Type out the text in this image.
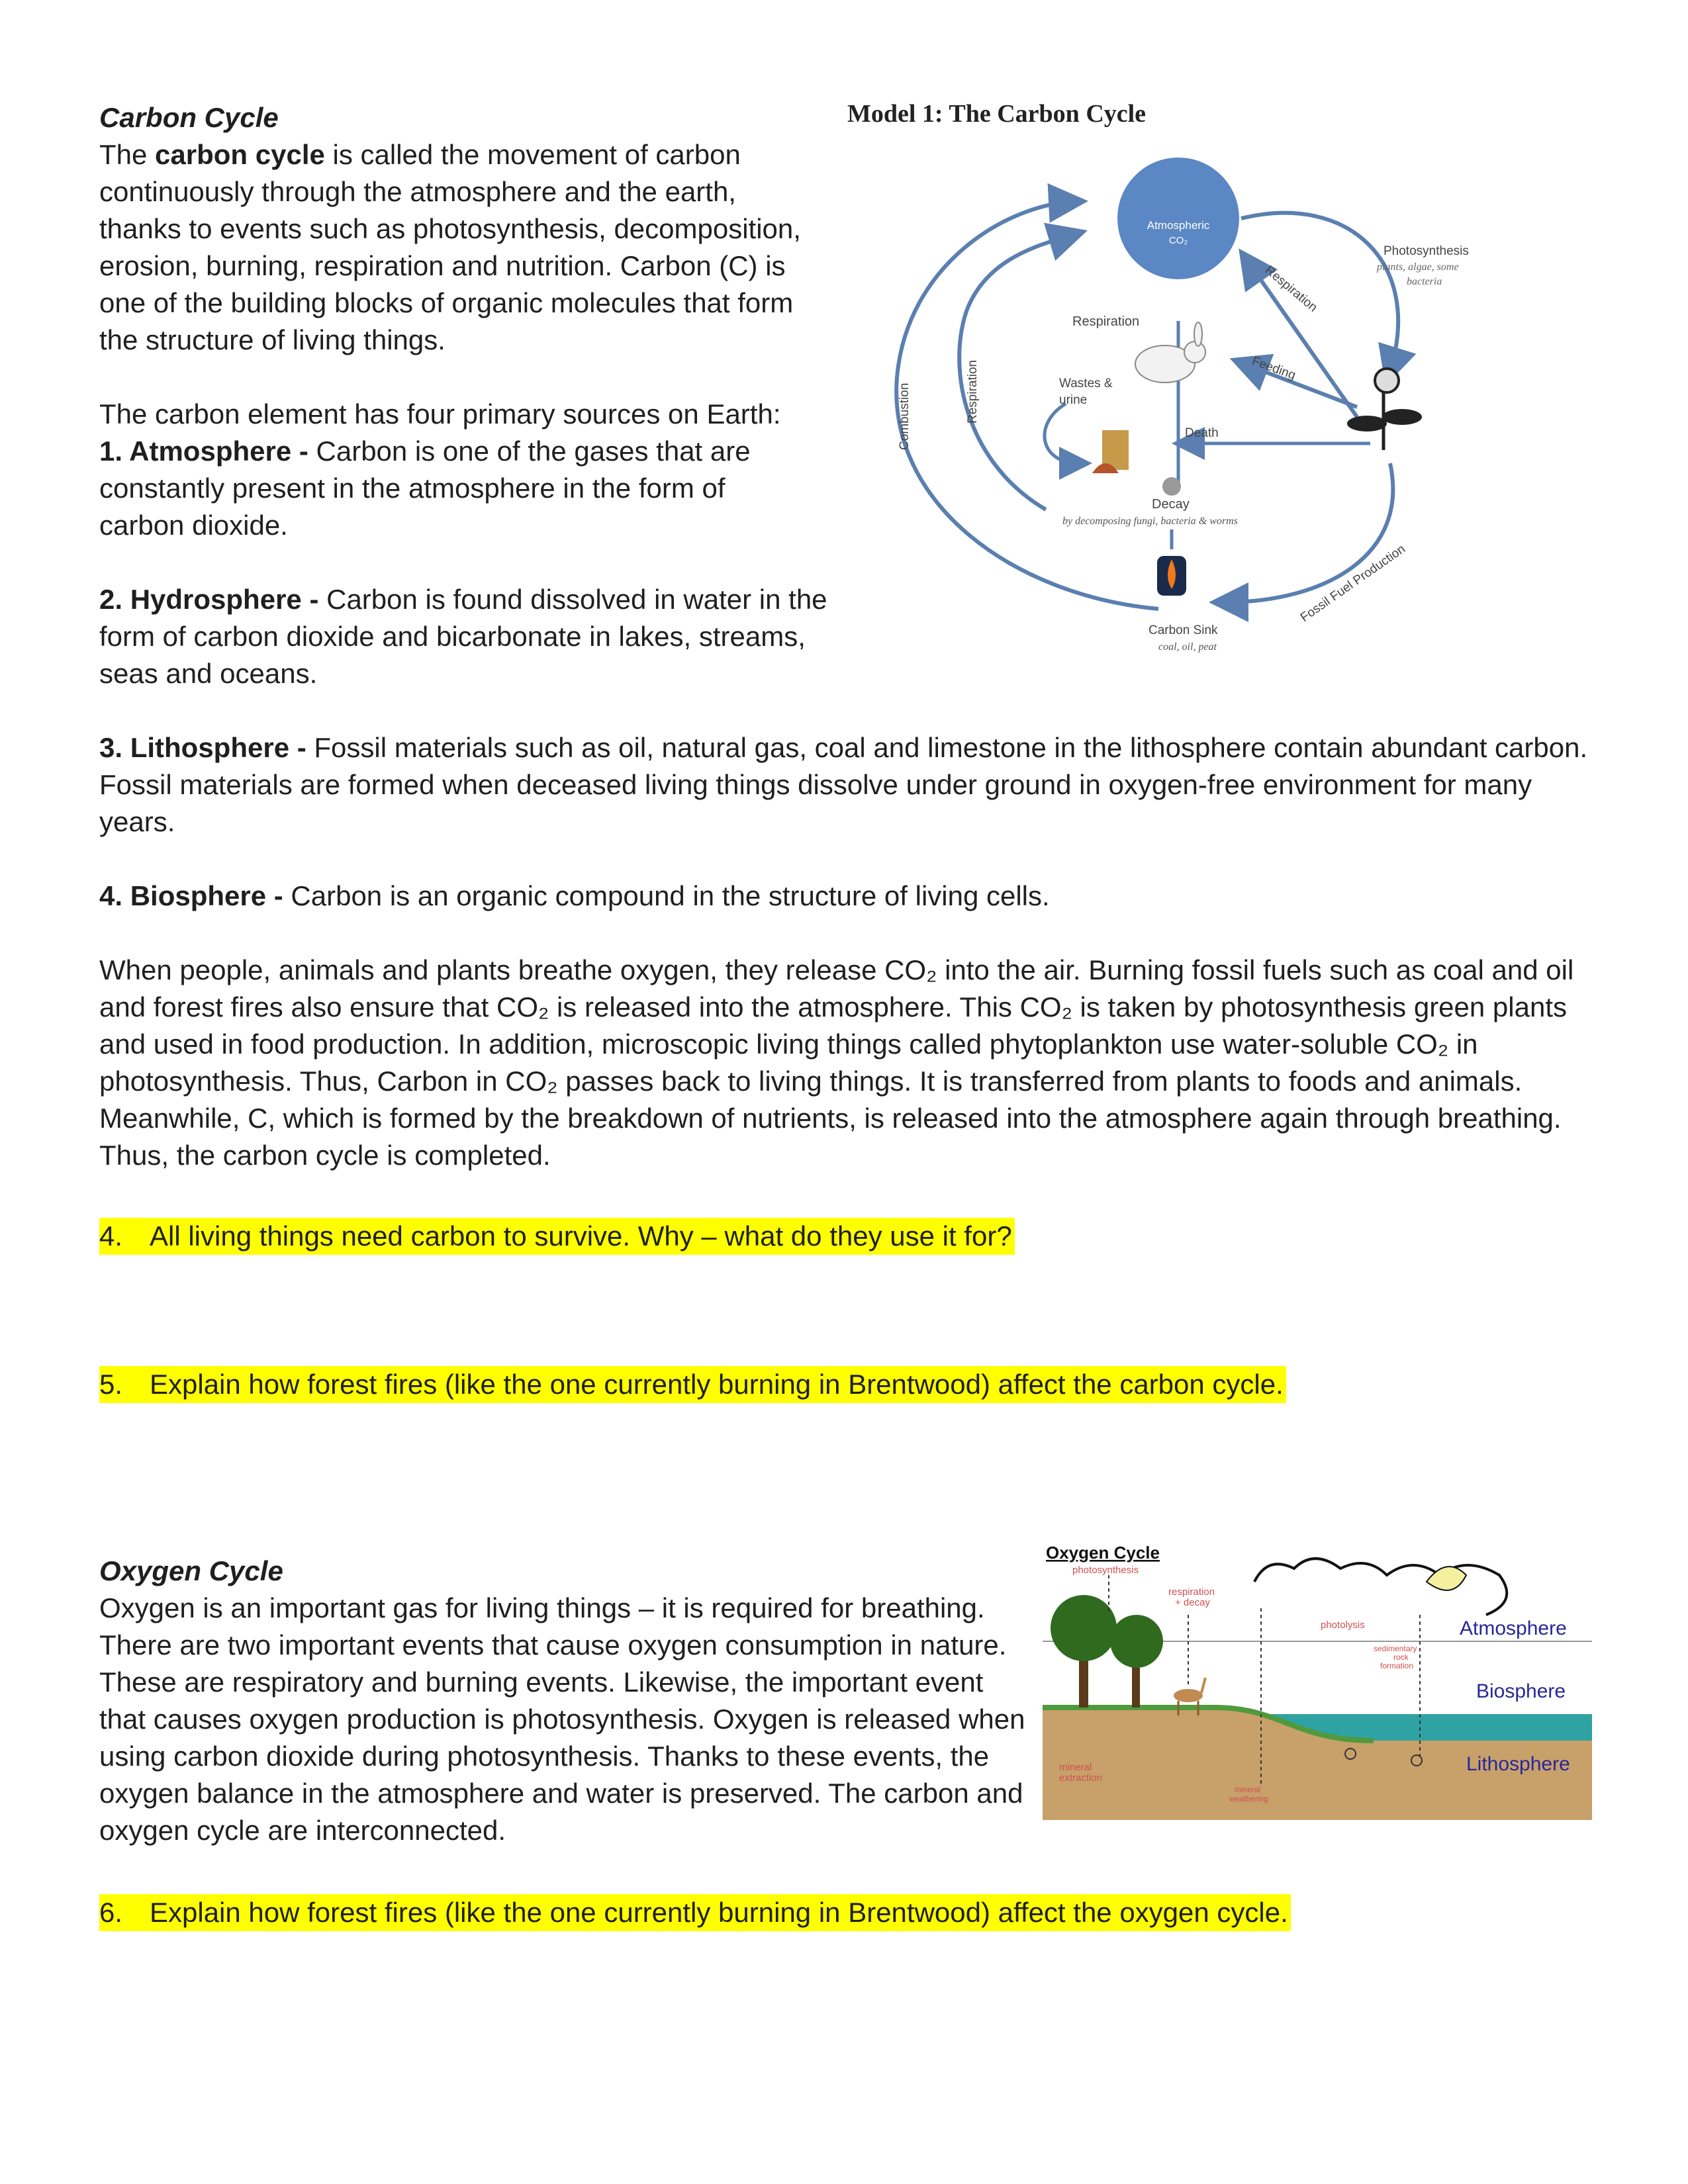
Carbon Cycle
The carbon cycle is called the movement of carbon continuously through the atmosphere and the earth, thanks to events such as photosynthesis, decomposition, erosion, burning, respiration and nutrition. Carbon (C) is one of the building blocks of organic molecules that form the structure of living things.
The carbon element has four primary sources on Earth:
1. Atmosphere - Carbon is one of the gases that are constantly present in the atmosphere in the form of carbon dioxide.
2. Hydrosphere - Carbon is found dissolved in water in the form of carbon dioxide and bicarbonate in lakes, streams, seas and oceans.
3. Lithosphere - Fossil materials such as oil, natural gas, coal and limestone in the lithosphere contain abundant carbon. Fossil materials are formed when deceased living things dissolve under ground in oxygen-free environment for many years.
4. Biosphere - Carbon is an organic compound in the structure of living cells.
When people, animals and plants breathe oxygen, they release CO₂ into the air. Burning fossil fuels such as coal and oil and forest fires also ensure that CO₂ is released into the atmosphere. This CO₂ is taken by photosynthesis green plants and used in food production. In addition, microscopic living things called phytoplankton use water-soluble CO₂ in photosynthesis. Thus, Carbon in CO₂ passes back to living things. It is transferred from plants to foods and animals. Meanwhile, C, which is formed by the breakdown of nutrients, is released into the atmosphere again through breathing. Thus, the carbon cycle is completed.
4. All living things need carbon to survive. Why – what do they use it for?
5. Explain how forest fires (like the one currently burning in Brentwood) affect the carbon cycle.
Oxygen Cycle
Oxygen is an important gas for living things – it is required for breathing. There are two important events that cause oxygen consumption in nature. These are respiratory and burning events. Likewise, the important event that causes oxygen production is photosynthesis. Oxygen is released when using carbon dioxide during photosynthesis. Thanks to these events, the oxygen balance in the atmosphere and water is preserved. The carbon and oxygen cycle are interconnected.
6. Explain how forest fires (like the one currently burning in Brentwood) affect the oxygen cycle.
Model 1: The Carbon Cycle
Atmospheric
CO₂
Photosynthesis
plants, algae, some
bacteria
Respiration
Respiration
Respiration
Combustion
Feeding
Wastes &
urine
Death
Decay
by decomposing fungi, bacteria & worms
Carbon Sink
coal, oil, peat
Fossil Fuel Production
Oxygen Cycle
photosynthesis
respiration
+ decay
photolysis
sedimentary
rock
formation
Atmosphere
Biosphere
Lithosphere
mineral
extraction
mineral
weathering
